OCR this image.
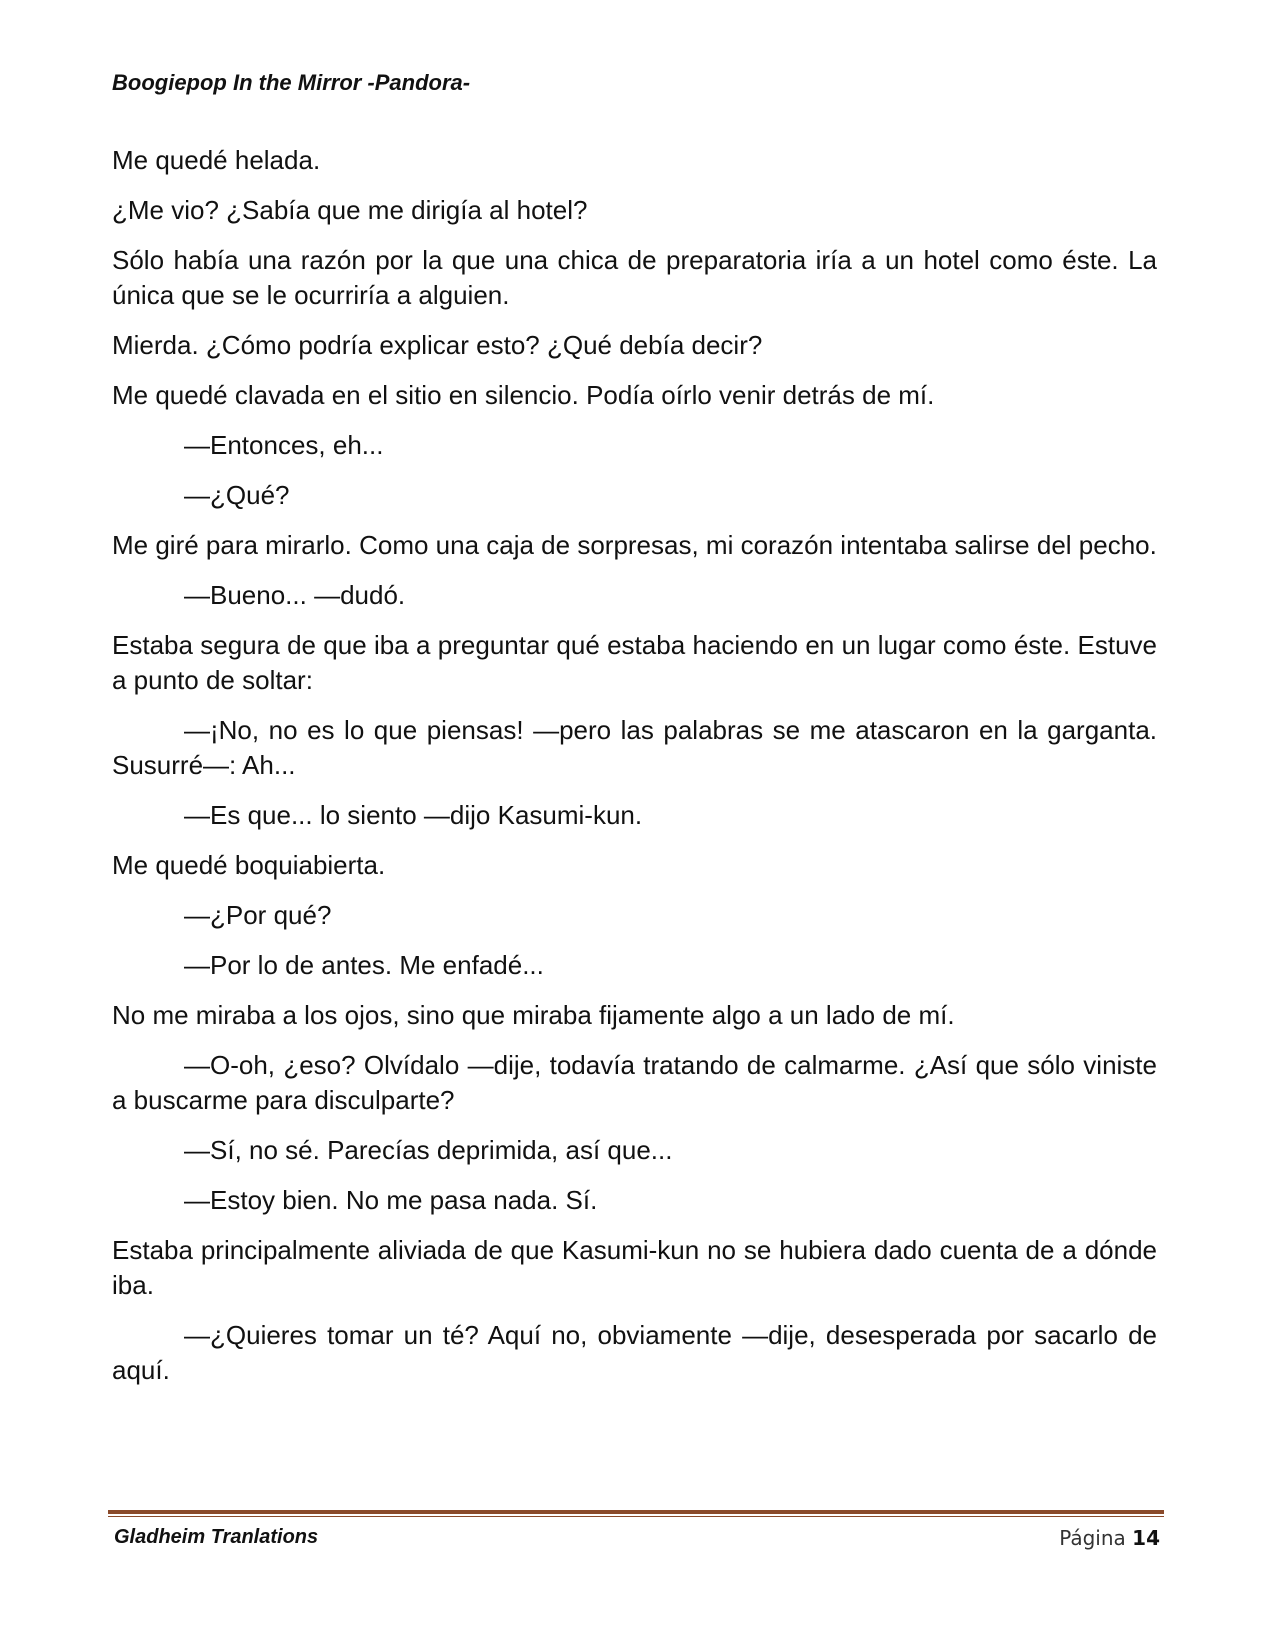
Boogiepop In the Mirror -Pandora-

Me quedé helada.

¿Me vio? ¿Sabía que me dirigía al hotel?

Sólo había una razón por la que una chica de preparatoria iría a un hotel como éste. La única que se le ocurriría a alguien.

Mierda. ¿Cómo podría explicar esto? ¿Qué debía decir?

Me quedé clavada en el sitio en silencio. Podía oírlo venir detrás de mí.

—Entonces, eh...

—¿Qué?

Me giré para mirarlo. Como una caja de sorpresas, mi corazón intentaba salirse del pecho.

—Bueno... —dudó.

Estaba segura de que iba a preguntar qué estaba haciendo en un lugar como éste. Estuve a punto de soltar:

—¡No, no es lo que piensas! —pero las palabras se me atascaron en la garganta. Susurré—: Ah...

—Es que... lo siento —dijo Kasumi-kun.

Me quedé boquiabierta.

—¿Por qué?

—Por lo de antes. Me enfadé...

No me miraba a los ojos, sino que miraba fijamente algo a un lado de mí.

—O-oh, ¿eso? Olvídalo —dije, todavía tratando de calmarme. ¿Así que sólo viniste a buscarme para disculparte?

—Sí, no sé. Parecías deprimida, así que...

—Estoy bien. No me pasa nada. Sí.

Estaba principalmente aliviada de que Kasumi-kun no se hubiera dado cuenta de a dónde iba.

—¿Quieres tomar un té? Aquí no, obviamente —dije, desesperada por sacarlo de aquí.

Gladheim Tranlations	Página 14
